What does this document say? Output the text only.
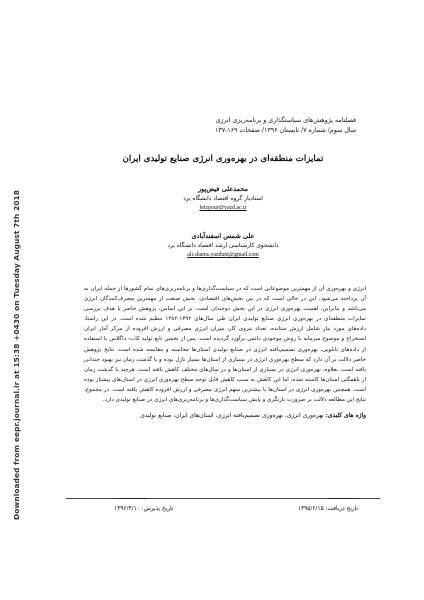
Downloaded from eepr.journal.ir at 15:38 +0430 on Tuesday August 7th 2018
فصلنامه پژوهش‌های سیاستگذاری و برنامه‌ریزی انرژی
سال سوم/ شماره ۷/ تابستان ۱۳۹۶/ صفحات ۱۶۹-۱۳۷
تمایزات منطقه‌ای در بهره‌وری انرژی صنایع تولیدی ایران
محمدعلی فیض‌پور
استادیار گروه اقتصاد دانشگاه یزد
feizpour@yazd.ac.ir
علی شمس اسفندآبادی
دانشجوی کارشناسی ارشد اقتصاد دانشگاه یزد
ali.shams.yazduni@gmail.com
انرژی و بهره‌وری آن از مهمترین موضوعاتی است که در سیاست‌گذاری‌ها و برنامه‌ریزی‌های تمام کشورها از جمله ایران به آن پرداخته می‌شود. این در حالی است که در بین بخش‌های اقتصادی، بخش صنعت از مهمترین مصرف‌کنندگان انرژی می‌باشد و بنابراین، اهمیت بهره‌وری انرژی در این بخش دوچندان است. بر این اساس، پژوهش حاضر با هدف بررسی تمایزات منطقه‌ای در بهره‌وری انرژی صنایع تولیدی ایران طی سال‌های ۱۳۹۲-۱۳۸۲ تنظیم شده است. در این راستا، داده‌های مورد نیاز شامل ارزش ستانده، تعداد نیروی کار، میزان انرژی مصرفی و ارزش افزوده از مرکز آمار ایران استخراج و موضوع سرمایه با روش موجودی دائمی برآورد گردیده است. پس از تخمین تابع تولید کاب- داگلاس با استفاده از داده‌های تابلویی، بهره‌وری تصمیم‌یافته انرژی در صنایع تولیدی استان‌ها محاسبه و مقایسه شده است. نتایج پژوهش حاضر دلالت بر آن دارد که سطح بهره‌وری انرژی در بسیاری از استان‌ها بسیار نازل بوده و با گذشت زمان نیز بهبود چندانی یافته است. بعلاوه، بهره‌وری انرژی در بسیاری از استان‌ها و در سال‌های مختلف کاهش یافته است. هرچند با گذشت زمان از ناهمگنی استان‌ها کاسته شده، اما این کاهش به سبب کاهش قابل توجه سطح بهره‌وری انرژی در استان‌های پیشتاز بوده است. همچنین بهره‌وری انرژی در استان‌ها با بیشترین سهم انرژی مصرفی و ارزش افزوده کاهش یافته است. در مجموع، نتایج این مطالعه دلالت بر ضرورت بازنگری و پایش سیاست‌گذاری‌ها و برنامه‌ریزی‌های انرژی در صنایع تولیدی دارد.
واژه های کلیدی: بهره‌وری انرژی، بهره‌وری تصمیم‌یافته انرژی، استان‌های ایران، صنایع تولیدی
تاریخ دریافت: ۱۳۹۵/۶/۱۵
تاریخ پذیرش: ۱۳۹۶/۴/۱۰
